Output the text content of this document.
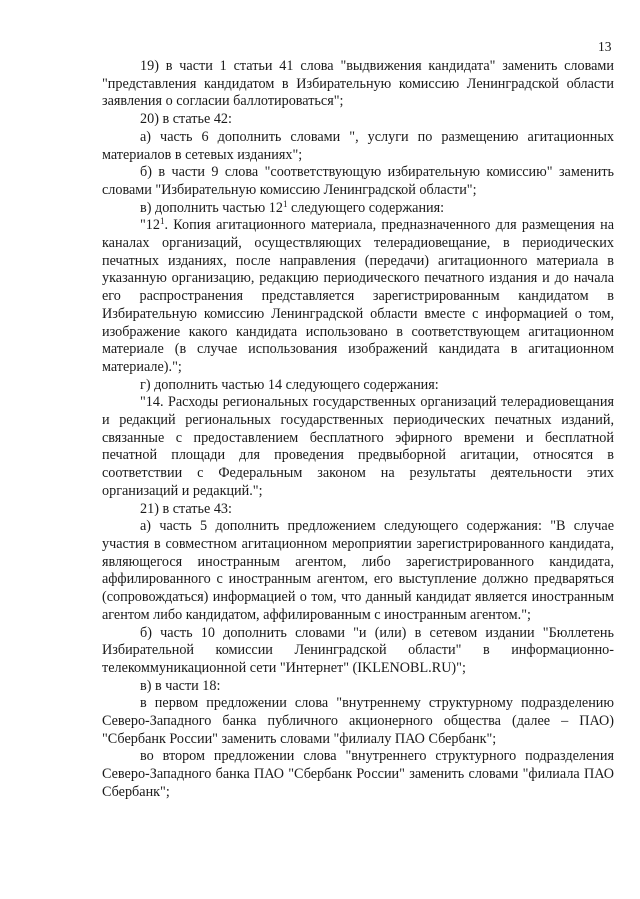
13

19) в части 1 статьи 41 слова "выдвижения кандидата" заменить словами "представления кандидатом в Избирательную комиссию Ленинградской области заявления о согласии баллотироваться";

20) в статье 42:

а) часть 6 дополнить словами ", услуги по размещению агитационных материалов в сетевых изданиях";

б) в части 9 слова "соответствующую избирательную комиссию" заменить словами "Избирательную комиссию Ленинградской области";

в) дополнить частью $12^1$ следующего содержания:

"$12^1$. Копия агитационного материала, предназначенного для размещения на каналах организаций, осуществляющих телерадиовещание, в периодических печатных изданиях, после направления (передачи) агитационного материала в указанную организацию, редакцию периодического печатного издания и до начала его распространения представляется зарегистрированным кандидатом в Избирательную комиссию Ленинградской области вместе с информацией о том, изображение какого кандидата использовано в соответствующем агитационном материале (в случае использования изображений кандидата в агитационном материале).";

г) дополнить частью 14 следующего содержания:

"14. Расходы региональных государственных организаций телерадиовещания и редакций региональных государственных периодических печатных изданий, связанные с предоставлением бесплатного эфирного времени и бесплатной печатной площади для проведения предвыборной агитации, относятся в соответствии с Федеральным законом на результаты деятельности этих организаций и редакций.";

21) в статье 43:

а) часть 5 дополнить предложением следующего содержания: "В случае участия в совместном агитационном мероприятии зарегистрированного кандидата, являющегося иностранным агентом, либо зарегистрированного кандидата, аффилированного с иностранным агентом, его выступление должно предваряться (сопровождаться) информацией о том, что данный кандидат является иностранным агентом либо кандидатом, аффилированным с иностранным агентом.";

б) часть 10 дополнить словами "и (или) в сетевом издании "Бюллетень Избирательной комиссии Ленинградской области" в информационно-телекоммуникационной сети "Интернет" (IKLENOBL.RU)";

в) в части 18:

в первом предложении слова "внутреннему структурному подразделению Северо-Западного банка публичного акционерного общества (далее – ПАО) "Сбербанк России" заменить словами "филиалу ПАО Сбербанк";

во втором предложении слова "внутреннего структурного подразделения Северо-Западного банка ПАО "Сбербанк России" заменить словами "филиала ПАО Сбербанк";
